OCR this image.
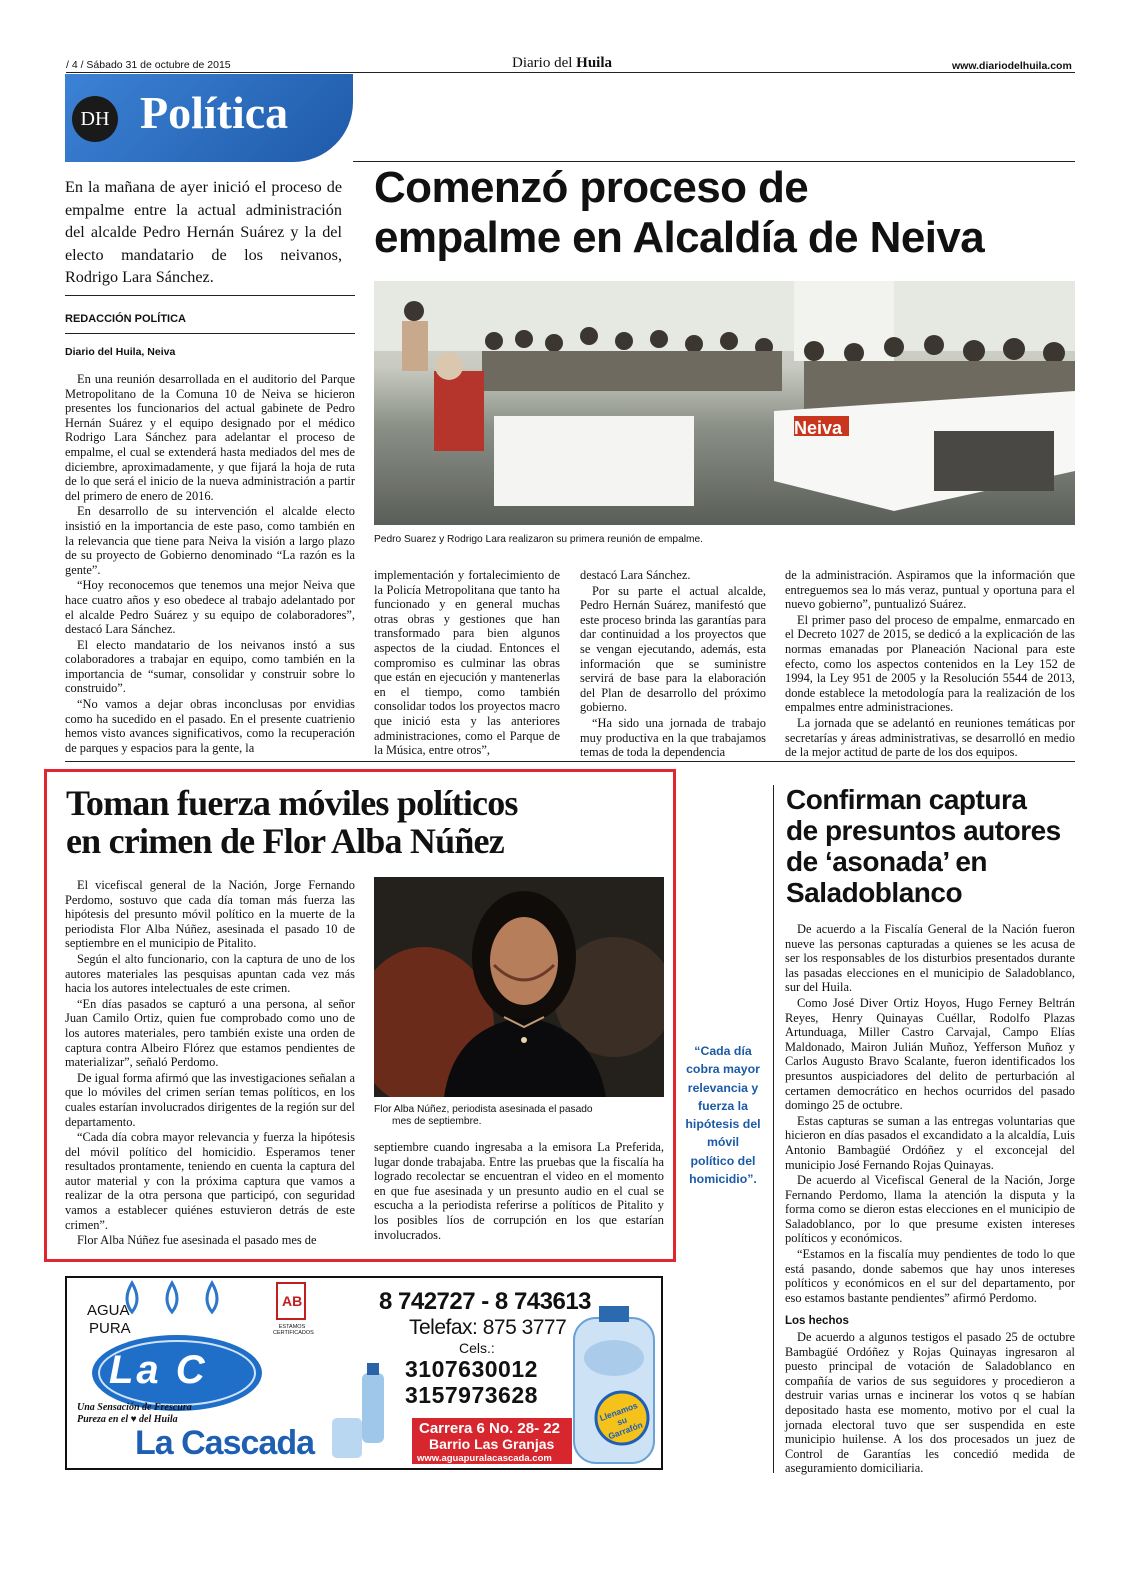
/ 4 / Sábado 31 de octubre de 2015	Diario del Huila	www.diariodelhuila.com
DH Política
En la mañana de ayer inició el proceso de empalme entre la actual administración del alcalde Pedro Hernán Suárez y la del electo mandatario de los neivanos, Rodrigo Lara Sánchez.
REDACCIÓN POLÍTICA
Diario del Huila, Neiva
Comenzó proceso de
empalme en Alcaldía de Neiva
Neiva
Pedro Suarez y Rodrigo Lara realizaron su primera reunión de empalme.

En una reunión desarrollada en el auditorio del Parque Metropolitano de la Comuna 10 de Neiva se hicieron presentes los funcionarios del actual gabinete de Pedro Hernán Suárez y el equipo designado por el médico Rodrigo Lara Sánchez para adelantar el proceso de empalme, el cual se extenderá hasta mediados del mes de diciembre, aproximadamente, y que fijará la hoja de ruta de lo que será el inicio de la nueva administración a partir del primero de enero de 2016.

En desarrollo de su intervención el alcalde electo insistió en la importancia de este paso, como también en la relevancia que tiene para Neiva la visión a largo plazo de su proyecto de Gobierno denominado “La razón es la gente”.

“Hoy reconocemos que tenemos una mejor Neiva que hace cuatro años y eso obedece al trabajo adelantado por el alcalde Pedro Suárez y su equipo de colaboradores”, destacó Lara Sánchez.

El electo mandatario de los neivanos instó a sus colaboradores a trabajar en equipo, como también en la importancia de “sumar, consolidar y construir sobre lo construido”.

“No vamos a dejar obras inconclusas por envidias como ha sucedido en el pasado. En el presente cuatrienio hemos visto avances significativos, como la recuperación de parques y espacios para la gente, la

implementación y fortalecimiento de la Policía Metropolitana que tanto ha funcionado y en general muchas otras obras y gestiones que han transformado para bien algunos aspectos de la ciudad. Entonces el compromiso es culminar las obras que están en ejecución y mantenerlas en el tiempo, como también consolidar todos los proyectos macro que inició esta y las anteriores administraciones, como el Parque de la Música, entre otros”,

destacó Lara Sánchez.

Por su parte el actual alcalde, Pedro Hernán Suárez, manifestó que este proceso brinda las garantías para dar continuidad a los proyectos que se vengan ejecutando, además, esta información que se suministre servirá de base para la elaboración del Plan de desarrollo del próximo gobierno.

“Ha sido una jornada de trabajo muy productiva en la que trabajamos temas de toda la dependencia

de la administración. Aspiramos que la información que entreguemos sea lo más veraz, puntual y oportuna para el nuevo gobierno”, puntualizó Suárez.

El primer paso del proceso de empalme, enmarcado en el Decreto 1027 de 2015, se dedicó a la explicación de las normas emanadas por Planeación Nacional para este efecto, como los aspectos contenidos en la Ley 152 de 1994, la Ley 951 de 2005 y la Resolución 5544 de 2013, donde establece la metodología para la realización de los empalmes entre administraciones.

La jornada que se adelantó en reuniones temáticas por secretarías y áreas administrativas, se desarrolló en medio de la mejor actitud de parte de los dos equipos.

Toman fuerza móviles políticos
en crimen de Flor Alba Núñez

El vicefiscal general de la Nación, Jorge Fernando Perdomo, sostuvo que cada día toman más fuerza las hipótesis del presunto móvil político en la muerte de la periodista Flor Alba Núñez, asesinada el pasado 10 de septiembre en el municipio de Pitalito.

Según el alto funcionario, con la captura de uno de los autores materiales las pesquisas apuntan cada vez más hacia los autores intelectuales de este crimen.

“En días pasados se capturó a una persona, al señor Juan Camilo Ortiz, quien fue comprobado como uno de los autores materiales, pero también existe una orden de captura contra Albeiro Flórez que estamos pendientes de materializar”, señaló Perdomo.

De igual forma afirmó que las investigaciones señalan a que lo móviles del crimen serían temas políticos, en los cuales estarían involucrados dirigentes de la región sur del departamento.

“Cada día cobra mayor relevancia y fuerza la hipótesis del móvil político del homicidio. Esperamos tener resultados prontamente, teniendo en cuenta la captura del autor material y con la próxima captura que vamos a realizar de la otra persona que participó, con seguridad vamos a establecer quiénes estuvieron detrás de este crimen”.

Flor Alba Núñez fue asesinada el pasado mes de

Flor Alba Núñez, periodista asesinada el pasado
mes de septiembre.

septiembre cuando ingresaba a la emisora La Preferida, lugar donde trabajaba. Entre las pruebas que la fiscalía ha logrado recolectar se encuentran el video en el momento en que fue asesinada y un presunto audio en el cual se escucha a la periodista referirse a políticos de Pitalito y los posibles líos de corrupción en los que estarían involucrados.

“Cada día cobra mayor relevancia y fuerza la hipótesis del móvil político del homicidio”.
Confirman captura
de presuntos autores
de ‘asonada’ en
Saladoblanco

De acuerdo a la Fiscalía General de la Nación fueron nueve las personas capturadas a quienes se les acusa de ser los responsables de los disturbios presentados durante las pasadas elecciones en el municipio de Saladoblanco, sur del Huila.

Como José Diver Ortiz Hoyos, Hugo Ferney Beltrán Reyes, Henry Quinayas Cuéllar, Rodolfo Plazas Artunduaga, Miller Castro Carvajal, Campo Elías Maldonado, Mairon Julián Muñoz, Yefferson Muñoz y Carlos Augusto Bravo Scalante, fueron identificados los presuntos auspiciadores del delito de perturbación al certamen democrático en hechos ocurridos del pasado domingo 25 de octubre.

Estas capturas se suman a las entregas voluntarias que hicieron en días pasados el excandidato a la alcaldía, Luis Antonio Bambagüé Ordóñez y el exconcejal del municipio José Fernando Rojas Quinayas.

De acuerdo al Vicefiscal General de la Nación, Jorge Fernando Perdomo, llama la atención la disputa y la forma como se dieron estas elecciones en el municipio de Saladoblanco, por lo que presume existen intereses políticos y económicos.

“Estamos en la fiscalía muy pendientes de todo lo que está pasando, donde sabemos que hay unos intereses políticos y económicos en el sur del departamento, por eso estamos bastante pendientes” afirmó Perdomo.

Los hechos

De acuerdo a algunos testigos el pasado 25 de octubre Bambagüé Ordóñez y Rojas Quinayas ingresaron al puesto principal de votación de Saladoblanco en compañía de varios de sus seguidores y procedieron a destruir varias urnas e incinerar los votos q se habían depositado hasta ese momento, motivo por el cual la jornada electoral tuvo que ser suspendida en este municipio huilense. A los dos procesados un juez de Control de Garantías les concedió medida de aseguramiento domiciliaria.

AB
AGUA
PURA
La C
Una Sensación de Frescura
Pureza en el ♥ del Huila
La Cascada
ESTAMOS CERTIFICADOS
8 742727 - 8 743613
Telefax: 875 3777
Cels.:
3107630012
3157973628
Carrera 6 No. 28- 22
Barrio Las Granjas
www.aguapuralacascada.com
Llenamos su Garrafón
